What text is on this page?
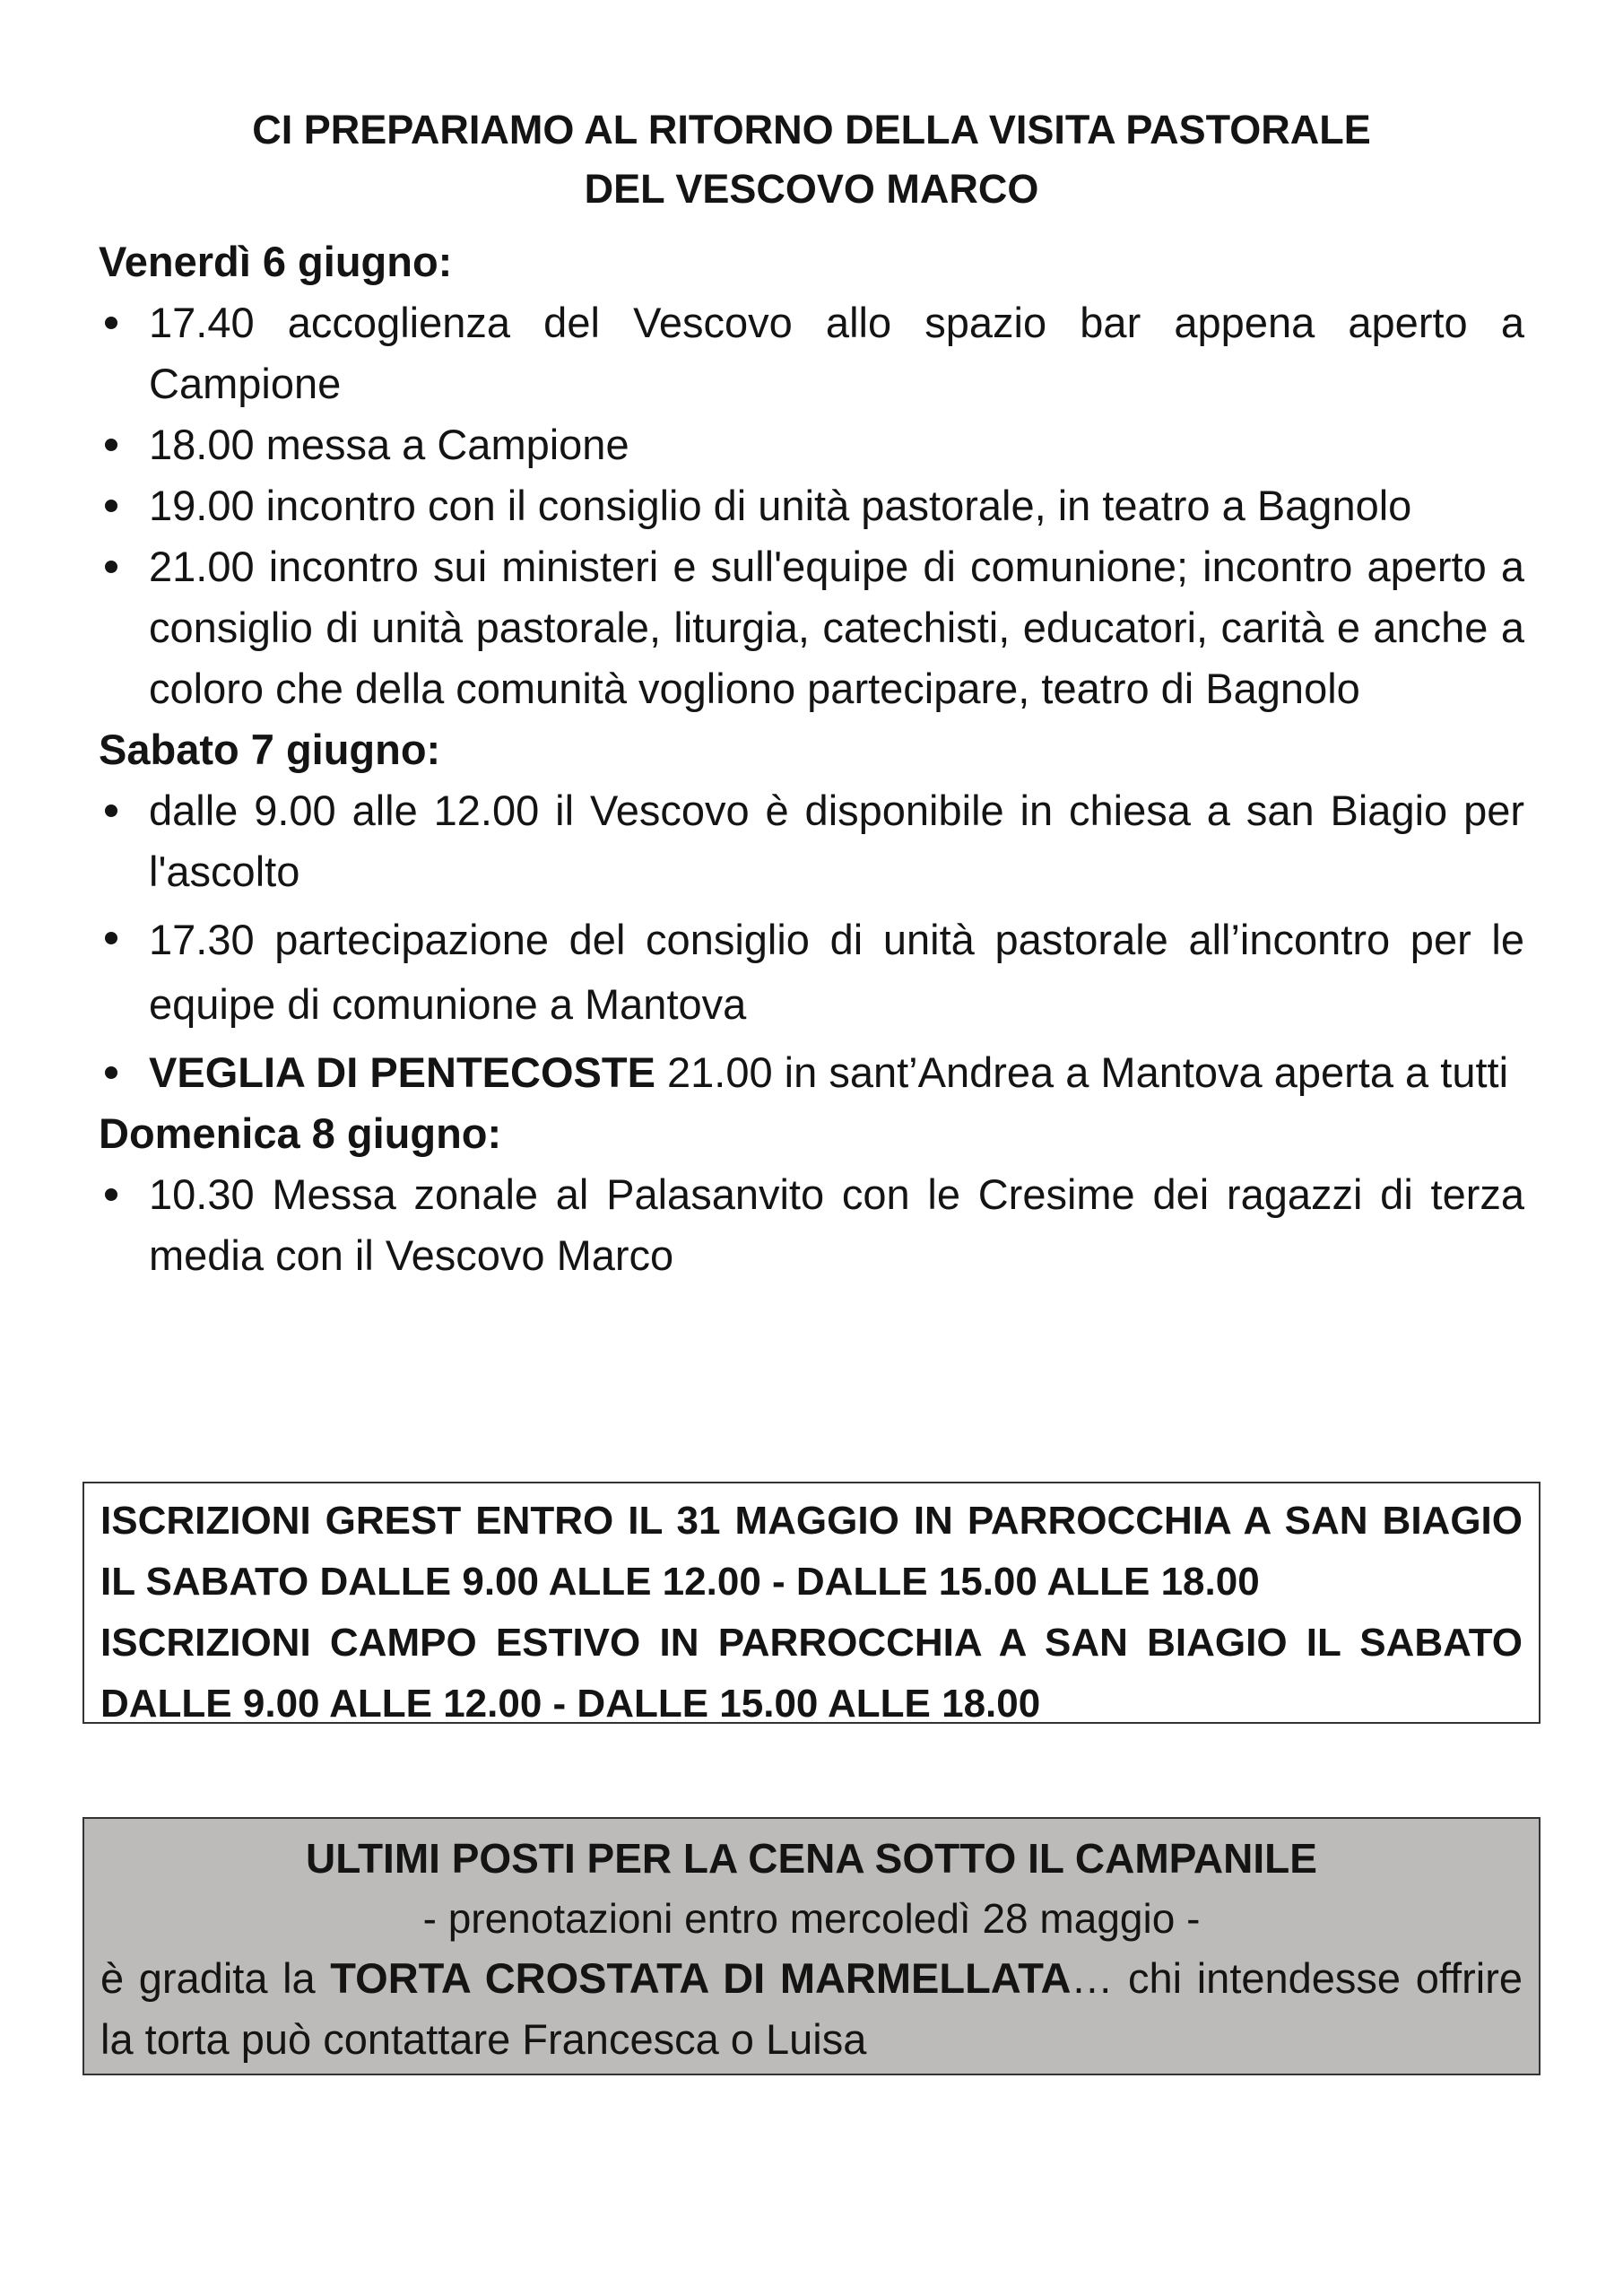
CI PREPARIAMO AL RITORNO DELLA VISITA PASTORALE
DEL VESCOVO MARCO

Venerdì 6 giugno:

17.40 accoglienza del Vescovo allo spazio bar appena aperto a Campione
18.00 messa a Campione
19.00 incontro con il consiglio di unità pastorale, in teatro a Bagnolo
21.00 incontro sui ministeri e sull'equipe di comunione; incontro aperto a consiglio di unità pastorale, liturgia, catechisti, educatori, carità e anche a coloro che della comunità vogliono partecipare, teatro di Bagnolo

Sabato 7 giugno:

dalle 9.00 alle 12.00 il Vescovo è disponibile in chiesa a san Biagio per l'ascolto
17.30 partecipazione del consiglio di unità pastorale all’incontro per le equipe di comunione a Mantova
VEGLIA DI PENTECOSTE 21.00 in sant’Andrea a Mantova aperta a tutti

Domenica 8 giugno:

10.30 Messa zonale al Palasanvito con le Cresime dei ragazzi di terza media con il Vescovo Marco

ISCRIZIONI GREST ENTRO IL 31 MAGGIO IN PARROCCHIA A SAN BIAGIO IL SABATO DALLE 9.00 ALLE 12.00 - DALLE 15.00 ALLE 18.00

ISCRIZIONI CAMPO ESTIVO IN PARROCCHIA A SAN BIAGIO IL SABATO DALLE 9.00 ALLE 12.00 - DALLE 15.00 ALLE 18.00

ULTIMI POSTI PER LA CENA SOTTO IL CAMPANILE
- prenotazioni entro mercoledì 28 maggio -
è gradita la TORTA CROSTATA DI MARMELLATA… chi intendesse offrire la torta può contattare Francesca o Luisa
